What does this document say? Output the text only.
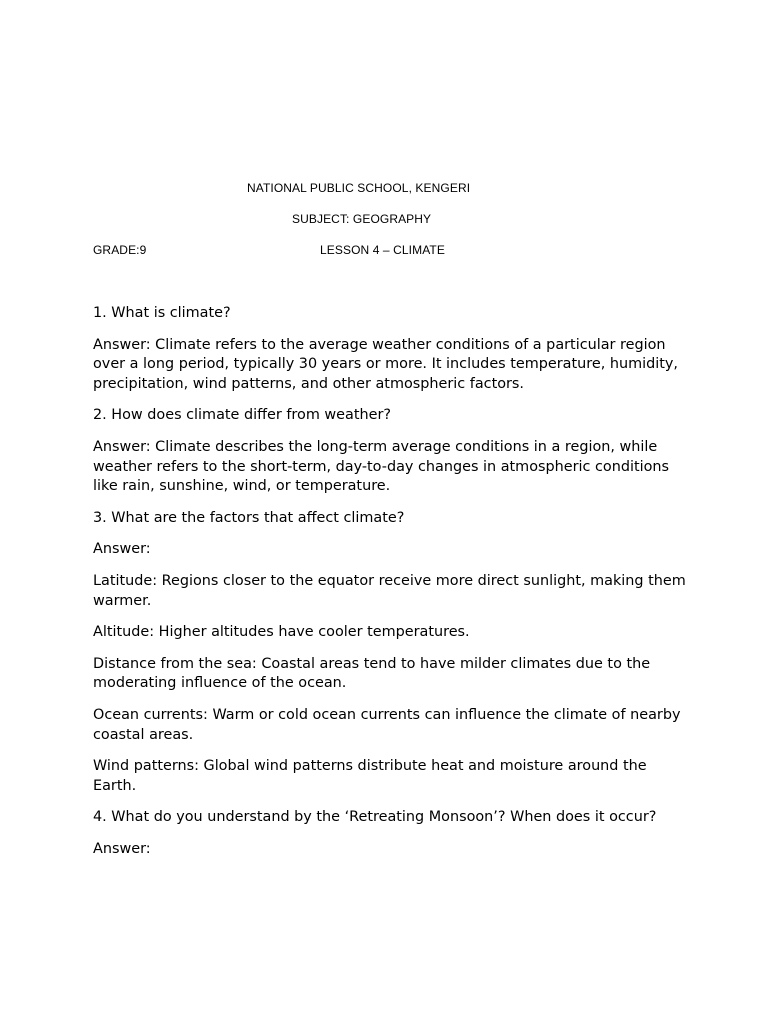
NATIONAL PUBLIC SCHOOL, KENGERI
SUBJECT: GEOGRAPHY
GRADE:9	LESSON 4 – CLIMATE

1. What is climate?

Answer: Climate refers to the average weather conditions of a particular region over a long period, typically 30 years or more. It includes temperature, humidity, precipitation, wind patterns, and other atmospheric factors.

2. How does climate differ from weather?

Answer: Climate describes the long-term average conditions in a region, while weather refers to the short-term, day-to-day changes in atmospheric conditions like rain, sunshine, wind, or temperature.

3. What are the factors that affect climate?

Answer:

Latitude: Regions closer to the equator receive more direct sunlight, making them warmer.

Altitude: Higher altitudes have cooler temperatures.

Distance from the sea: Coastal areas tend to have milder climates due to the moderating influence of the ocean.

Ocean currents: Warm or cold ocean currents can influence the climate of nearby coastal areas.

Wind patterns: Global wind patterns distribute heat and moisture around the Earth.

4. What do you understand by the ‘Retreating Monsoon’? When does it occur?

Answer:
